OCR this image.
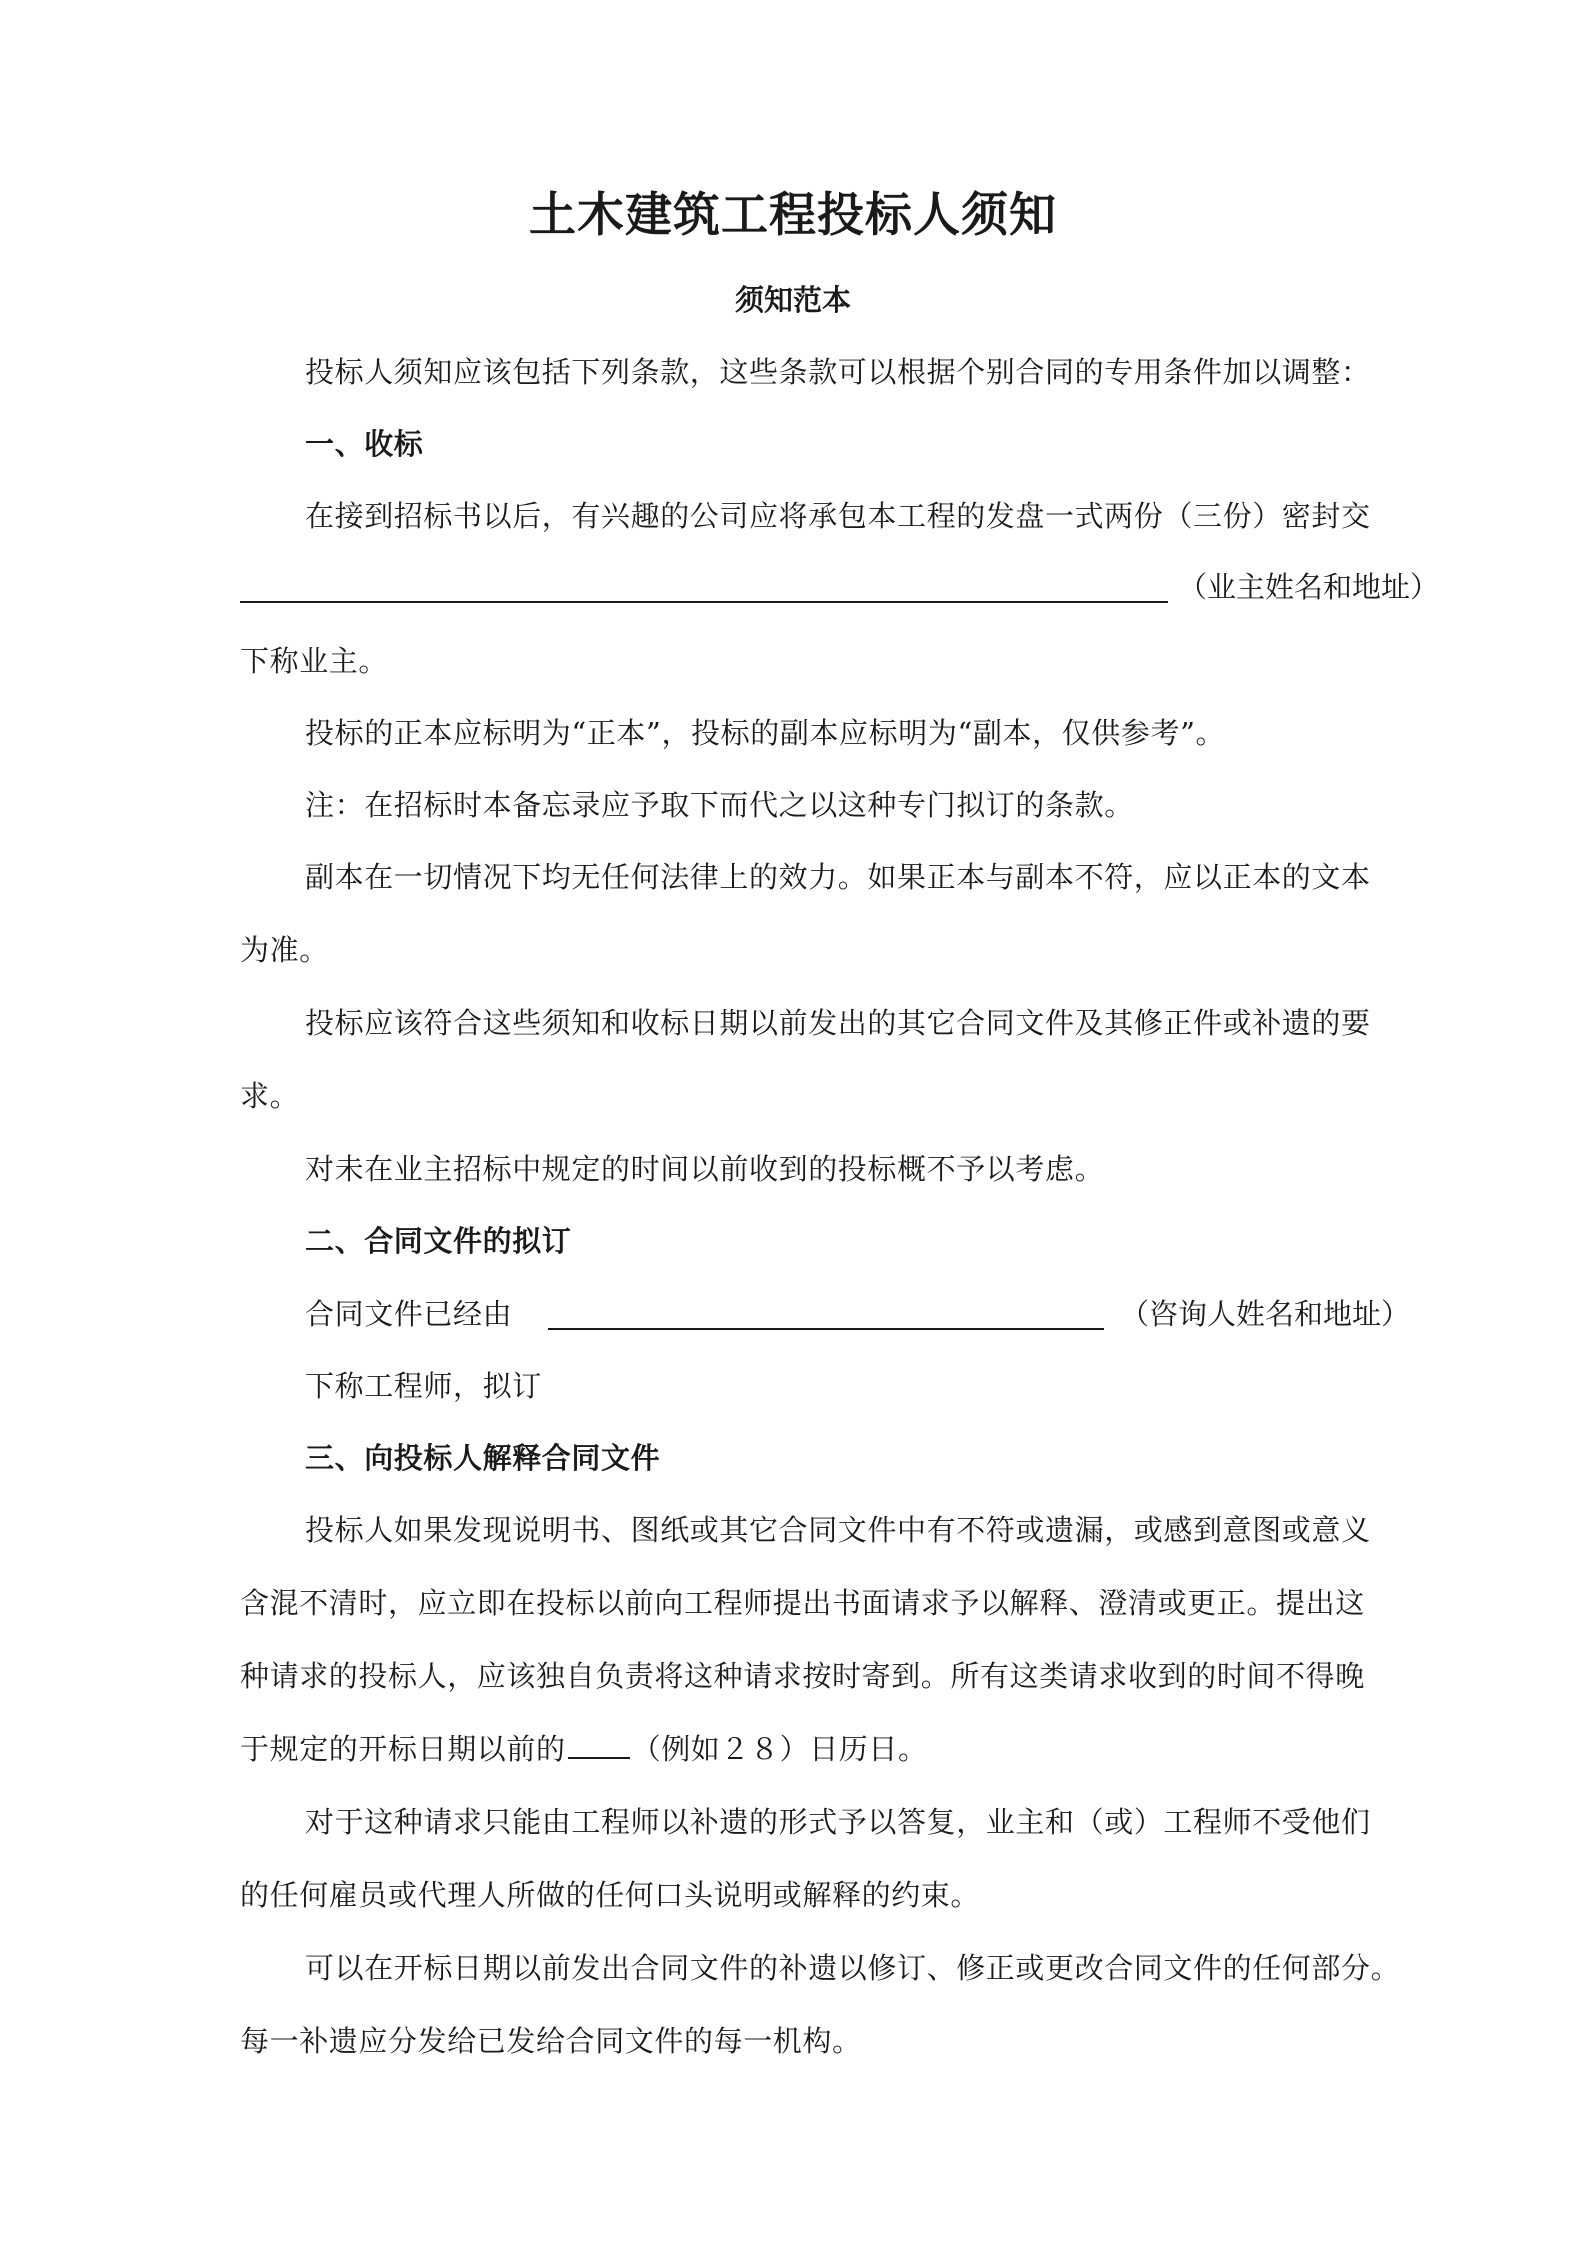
土木建筑工程投标人须知
须知范本
投标人须知应该包括下列条款，这些条款可以根据个别合同的专用条件加以调整：
一、收标
在接到招标书以后，有兴趣的公司应将承包本工程的发盘一式两份（三份）密封交
（业主姓名和地址）
下称业主。
投标的正本应标明为“正本”，投标的副本应标明为“副本，仅供参考”。
注：在招标时本备忘录应予取下而代之以这种专门拟订的条款。
副本在一切情况下均无任何法律上的效力。如果正本与副本不符，应以正本的文本
为准。
投标应该符合这些须知和收标日期以前发出的其它合同文件及其修正件或补遗的要
求。
对未在业主招标中规定的时间以前收到的投标概不予以考虑。
二、合同文件的拟订
合同文件已经由	（咨询人姓名和地址）
下称工程师，拟订
三、向投标人解释合同文件
投标人如果发现说明书、图纸或其它合同文件中有不符或遗漏，或感到意图或意义
含混不清时，应立即在投标以前向工程师提出书面请求予以解释、澄清或更正。提出这
种请求的投标人，应该独自负责将这种请求按时寄到。所有这类请求收到的时间不得晚
于规定的开标日期以前的 （例如２８）日历日。
对于这种请求只能由工程师以补遗的形式予以答复，业主和（或）工程师不受他们
的任何雇员或代理人所做的任何口头说明或解释的约束。
可以在开标日期以前发出合同文件的补遗以修订、修正或更改合同文件的任何部分。
每一补遗应分发给已发给合同文件的每一机构。
